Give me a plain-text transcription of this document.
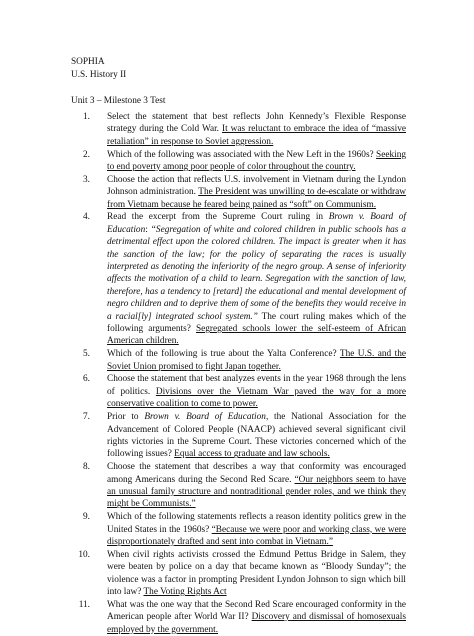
SOPHIA
U.S. History II
Unit 3 – Milestone 3 Test
1. Select the statement that best reflects John Kennedy’s Flexible Response strategy during the Cold War. It was reluctant to embrace the idea of “massive retaliation” in response to Soviet aggression.
2. Which of the following was associated with the New Left in the 1960s? Seeking to end poverty among poor people of color throughout the country.
3. Choose the action that reflects U.S. involvement in Vietnam during the Lyndon Johnson administration. The President was unwilling to de-escalate or withdraw from Vietnam because he feared being pained as “soft” on Communism.
4. Read the excerpt from the Supreme Court ruling in Brown v. Board of Education: “Segregation of white and colored children in public schools has a detrimental effect upon the colored children. The impact is greater when it has the sanction of the law; for the policy of separating the races is usually interpreted as denoting the inferiority of the negro group. A sense of inferiority affects the motivation of a child to learn. Segregation with the sanction of law, therefore, has a tendency to [retard] the educational and mental development of negro children and to deprive them of some of the benefits they would receive in a racial[ly] integrated school system.” The court ruling makes which of the following arguments? Segregated schools lower the self-esteem of African American children.
5. Which of the following is true about the Yalta Conference? The U.S. and the Soviet Union promised to fight Japan together.
6. Choose the statement that best analyzes events in the year 1968 through the lens of politics. Divisions over the Vietnam War paved the way for a more conservative coalition to come to power.
7. Prior to Brown v. Board of Education, the National Association for the Advancement of Colored People (NAACP) achieved several significant civil rights victories in the Supreme Court. These victories concerned which of the following issues? Equal access to graduate and law schools.
8. Choose the statement that describes a way that conformity was encouraged among Americans during the Second Red Scare. “Our neighbors seem to have an unusual family structure and nontraditional gender roles, and we think they might be Communists.”
9. Which of the following statements reflects a reason identity politics grew in the United States in the 1960s? “Because we were poor and working class, we were disproportionately drafted and sent into combat in Vietnam.”
10. When civil rights activists crossed the Edmund Pettus Bridge in Salem, they were beaten by police on a day that became known as “Bloody Sunday”; the violence was a factor in prompting President Lyndon Johnson to sign which bill into law? The Voting Rights Act
11. What was the one way that the Second Red Scare encouraged conformity in the American people after World War II? Discovery and dismissal of homosexuals employed by the government.
